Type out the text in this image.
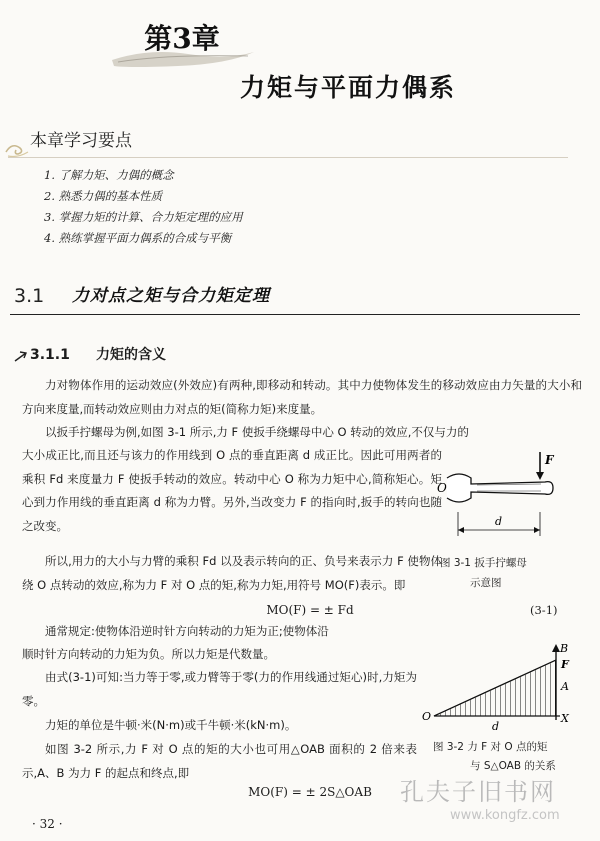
第3章
力矩与平面力偶系
本章学习要点
1. 了解力矩、力偶的概念
2. 熟悉力偶的基本性质
3. 掌握力矩的计算、合力矩定理的应用
4. 熟练掌握平面力偶系的合成与平衡
3.1	力对点之矩与合力矩定理
3.1.1	力矩的含义
力对物体作用的运动效应(外效应)有两种,即移动和转动。其中力使物体发生的移动效应由力矢量的大小和方向来度量,而转动效应则由力对点的矩(简称力矩)来度量。
以扳手拧螺母为例,如图 3-1 所示,力 F 使扳手绕螺母中心 O 转动的效应,不仅与力的
大小成正比,而且还与该力的作用线到 O 点的垂直距离 d 成正比。因此可用两者的乘积 Fd 来度量力 F 使扳手转动的效应。转动中心 O 称为力矩中心,简称矩心。矩心到力作用线的垂直距离 d 称为力臂。另外,当改变力 F 的指向时,扳手的转向也随之改变。
所以,用力的大小与力臂的乘积 Fd 以及表示转向的正、负号来表示力 F 使物体绕 O 点转动的效应,称为力 F 对 O 点的矩,称为力矩,用符号 MO(F)表示。即
MO(F) = ± Fd	(3-1)
通常规定:使物体沿逆时针方向转动的力矩为正;使物体沿
顺时针方向转动的力矩为负。所以力矩是代数量。
由式(3-1)可知:当力等于零,或力臂等于零(力的作用线通过矩心)时,力矩为零。
力矩的单位是牛顿·米(N·m)或千牛顿·米(kN·m)。
如图 3-2 所示,力 F 对 O 点的矩的大小也可用△OAB 面积的 2 倍来表示,A、B 为力 F 的起点和终点,即
MO(F) = ± 2S△OAB
F
O
d
图 3-1 扳手拧螺母
示意图
O
B
F
A
X
d
图 3-2 力 F 对 O 点的矩
与 S△OAB 的关系
· 32 ·
孔夫子旧书网
www.kongfz.com
